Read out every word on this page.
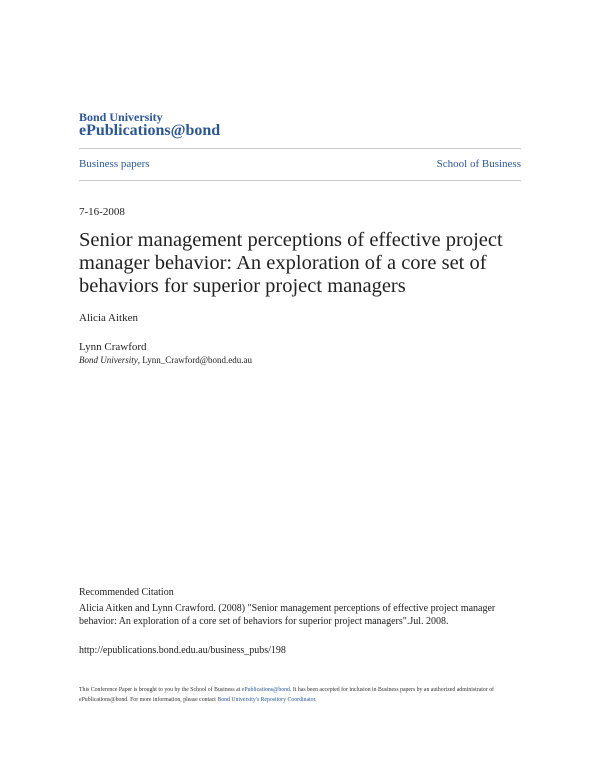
Bond University
ePublications@bond
Business papers	School of Business
7-16-2008
Senior management perceptions of effective project manager behavior: An exploration of a core set of behaviors for superior project managers
Alicia Aitken
Lynn Crawford
Bond University, Lynn_Crawford@bond.edu.au
Recommended Citation

Alicia Aitken and Lynn Crawford. (2008) "Senior management perceptions of effective project manager behavior: An exploration of a core set of behaviors for superior project managers".Jul. 2008.

http://epublications.bond.edu.au/business_pubs/198

This Conference Paper is brought to you by the School of Business at ePublications@bond. It has been accepted for inclusion in Business papers by an authorized administrator of ePublications@bond. For more information, please contact Bond University's Repository Coordinator.
